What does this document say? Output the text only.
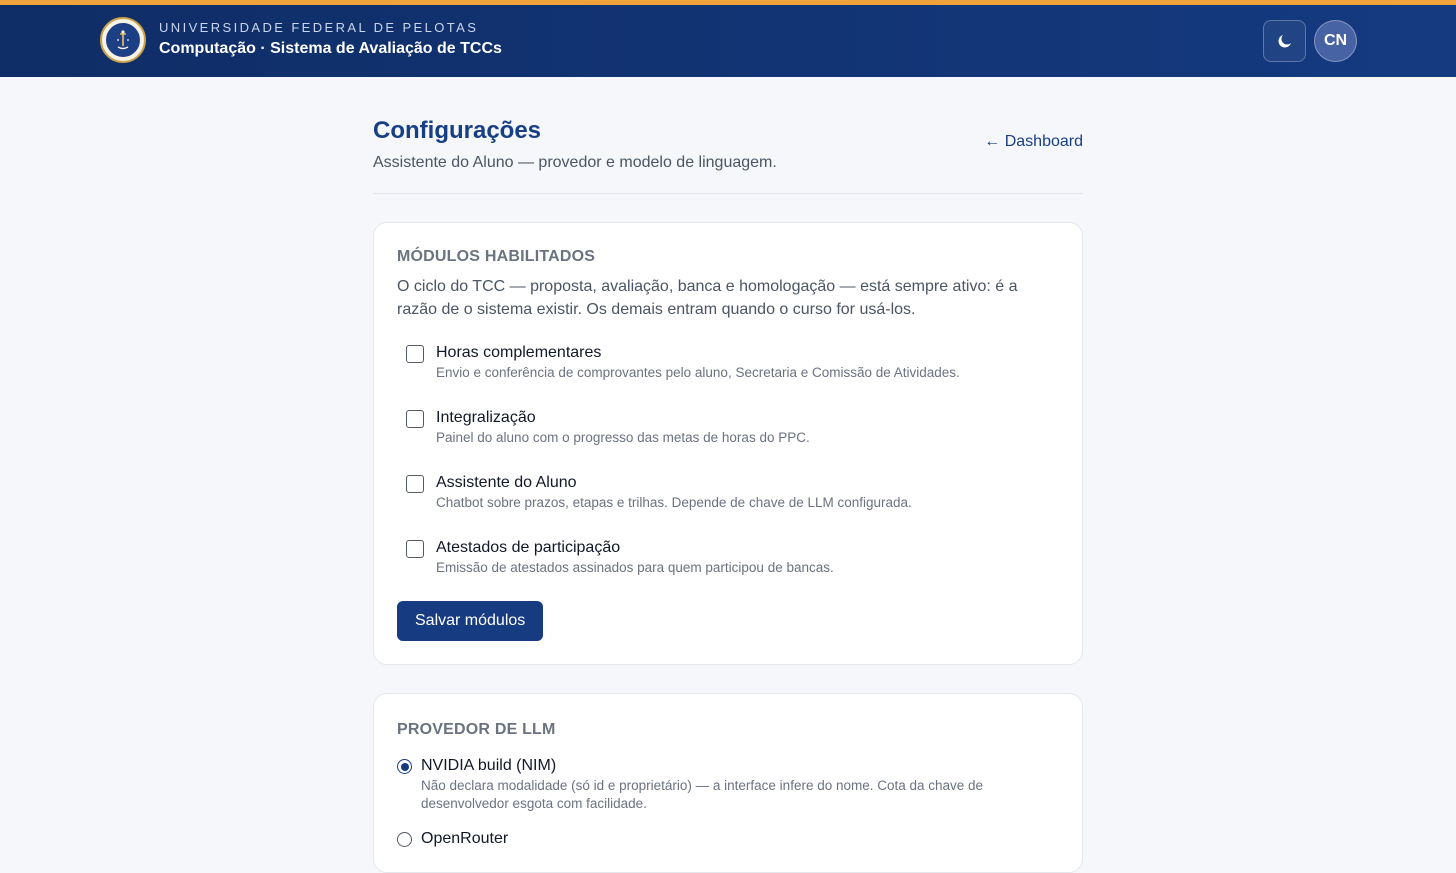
UNIVERSIDADE FEDERAL DE PELOTAS
Computação · Sistema de Avaliação de TCCs	CN
Configurações
Assistente do Aluno — provedor e modelo de linguagem.
← Dashboard
MÓDULOS HABILITADOS
O ciclo do TCC — proposta, avaliação, banca e homologação — está sempre ativo: é a razão de o sistema existir. Os demais entram quando o curso for usá-los.
Horas complementares
Envio e conferência de comprovantes pelo aluno, Secretaria e Comissão de Atividades.
Integralização
Painel do aluno com o progresso das metas de horas do PPC.
Assistente do Aluno
Chatbot sobre prazos, etapas e trilhas. Depende de chave de LLM configurada.
Atestados de participação
Emissão de atestados assinados para quem participou de bancas.
Salvar módulos
PROVEDOR DE LLM
NVIDIA build (NIM)
Não declara modalidade (só id e proprietário) — a interface infere do nome. Cota da chave de desenvolvedor esgota com facilidade.
OpenRouter
